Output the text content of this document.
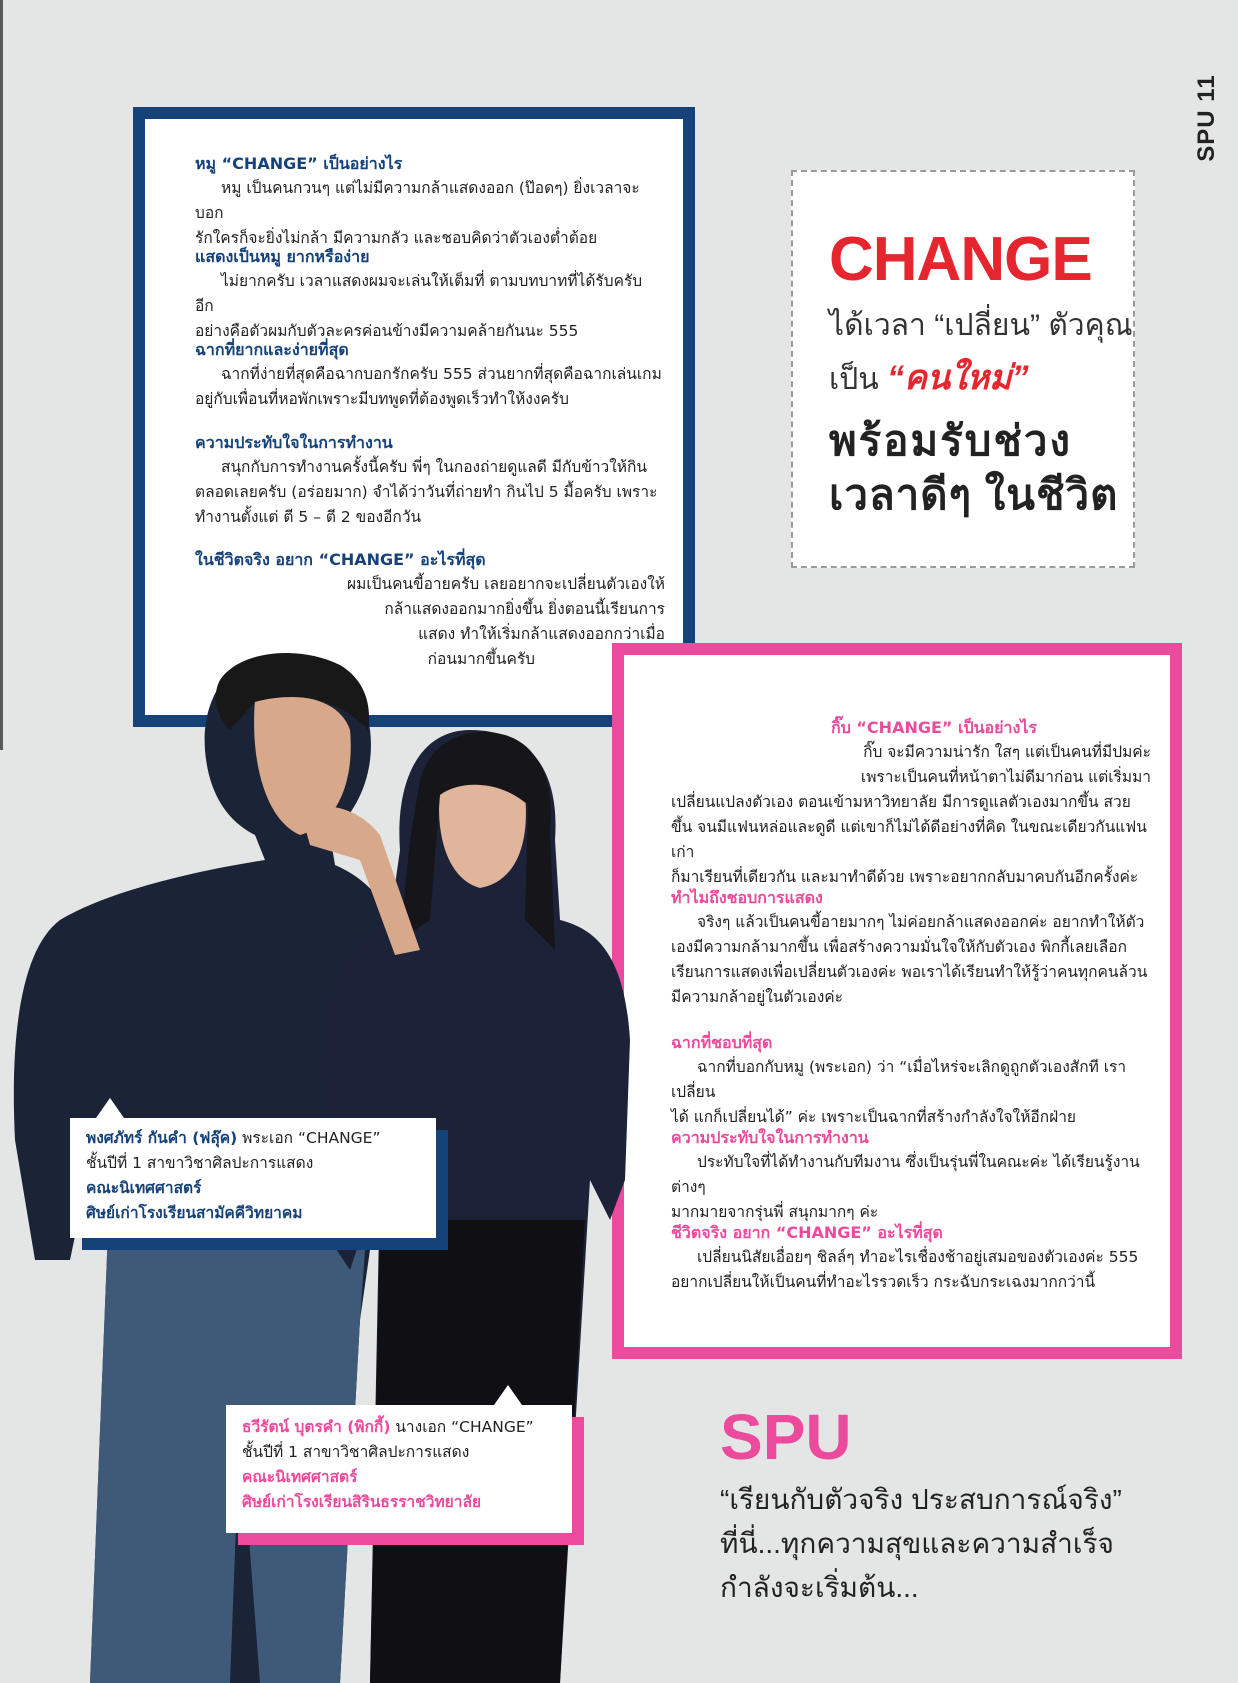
SPU 11
หมู “CHANGE” เป็นอย่างไร
หมู เป็นคนกวนๆ แต่ไม่มีความกล้าแสดงออก (ป๊อดๆ) ยิ่งเวลาจะบอก
รักใครก็จะยิ่งไม่กล้า มีความกลัว และชอบคิดว่าตัวเองต่ำต้อย
แสดงเป็นหมู ยากหรือง่าย
ไม่ยากครับ เวลาแสดงผมจะเล่นให้เต็มที่ ตามบทบาทที่ได้รับครับ อีก
อย่างคือตัวผมกับตัวละครค่อนข้างมีความคล้ายกันนะ 555
ฉากที่ยากและง่ายที่สุด
ฉากที่ง่ายที่สุดคือฉากบอกรักครับ 555 ส่วนยากที่สุดคือฉากเล่นเกม
อยู่กับเพื่อนที่หอพักเพราะมีบทพูดที่ต้องพูดเร็วทำให้งงครับ
ความประทับใจในการทำงาน
สนุกกับการทำงานครั้งนี้ครับ พี่ๆ ในกองถ่ายดูแลดี มีกับข้าวให้กิน
ตลอดเลยครับ (อร่อยมาก) จำได้ว่าวันที่ถ่ายทำ กินไป 5 มื้อครับ เพราะ
ทำงานตั้งแต่ ตี 5 – ตี 2 ของอีกวัน
ในชีวิตจริง อยาก “CHANGE” อะไรที่สุด
ผมเป็นคนขี้อายครับ เลยอยากจะเปลี่ยนตัวเองให้
กล้าแสดงออกมากยิ่งขึ้น ยิ่งตอนนี้เรียนการ
แสดง ทำให้เริ่มกล้าแสดงออกกว่าเมื่อ
ก่อนมากขึ้นครับ
CHANGE
ได้เวลา “เปลี่ยน” ตัวคุณ
เป็น “คนใหม่”
พร้อมรับช่วง
เวลาดีๆ ในชีวิต
กิ๊บ “CHANGE” เป็นอย่างไร
กิ๊บ จะมีความน่ารัก ใสๆ แต่เป็นคนที่มีปมค่ะ
เพราะเป็นคนที่หน้าตาไม่ดีมาก่อน แต่เริ่มมา
เปลี่ยนแปลงตัวเอง ตอนเข้ามหาวิทยาลัย มีการดูแลตัวเองมากขึ้น สวย
ขึ้น จนมีแฟนหล่อและดูดี แต่เขาก็ไม่ได้ดีอย่างที่คิด ในขณะเดียวกันแฟนเก่า
ก็มาเรียนที่เดียวกัน และมาทำดีด้วย เพราะอยากกลับมาคบกันอีกครั้งค่ะ
ทำไมถึงชอบการแสดง
จริงๆ แล้วเป็นคนขี้อายมากๆ ไม่ค่อยกล้าแสดงออกค่ะ อยากทำให้ตัว
เองมีความกล้ามากขึ้น เพื่อสร้างความมั่นใจให้กับตัวเอง พิกกี้เลยเลือก
เรียนการแสดงเพื่อเปลี่ยนตัวเองค่ะ พอเราได้เรียนทำให้รู้ว่าคนทุกคนล้วน
มีความกล้าอยู่ในตัวเองค่ะ
ฉากที่ชอบที่สุด
ฉากที่บอกกับหมู (พระเอก) ว่า “เมื่อไหร่จะเลิกดูถูกตัวเองสักที เราเปลี่ยน
ได้ แกก็เปลี่ยนได้” ค่ะ เพราะเป็นฉากที่สร้างกำลังใจให้อีกฝ่าย
ความประทับใจในการทำงาน
ประทับใจที่ได้ทำงานกับทีมงาน ซึ่งเป็นรุ่นพี่ในคณะค่ะ ได้เรียนรู้งานต่างๆ
มากมายจากรุ่นพี่ สนุกมากๆ ค่ะ
ชีวิตจริง อยาก “CHANGE” อะไรที่สุด
เปลี่ยนนิสัยเอื่อยๆ ชิลล์ๆ ทำอะไรเชื่องช้าอยู่เสมอของตัวเองค่ะ 555
อยากเปลี่ยนให้เป็นคนที่ทำอะไรรวดเร็ว กระฉับกระเฉงมากกว่านี้
พงศภัทร์ กันคำ (ฟลุ๊ค) พระเอก “CHANGE”
ชั้นปีที่ 1 สาขาวิชาศิลปะการแสดง
คณะนิเทศศาสตร์
ศิษย์เก่าโรงเรียนสามัคคีวิทยาคม
ธวีรัตน์ บุตรคำ (พิกกี้) นางเอก “CHANGE”
ชั้นปีที่ 1 สาขาวิชาศิลปะการแสดง
คณะนิเทศศาสตร์
ศิษย์เก่าโรงเรียนสิรินธรราชวิทยาลัย
SPU
“เรียนกับตัวจริง ประสบการณ์จริง”
ที่นี่...ทุกความสุขและความสำเร็จ
กำลังจะเริ่มต้น...
